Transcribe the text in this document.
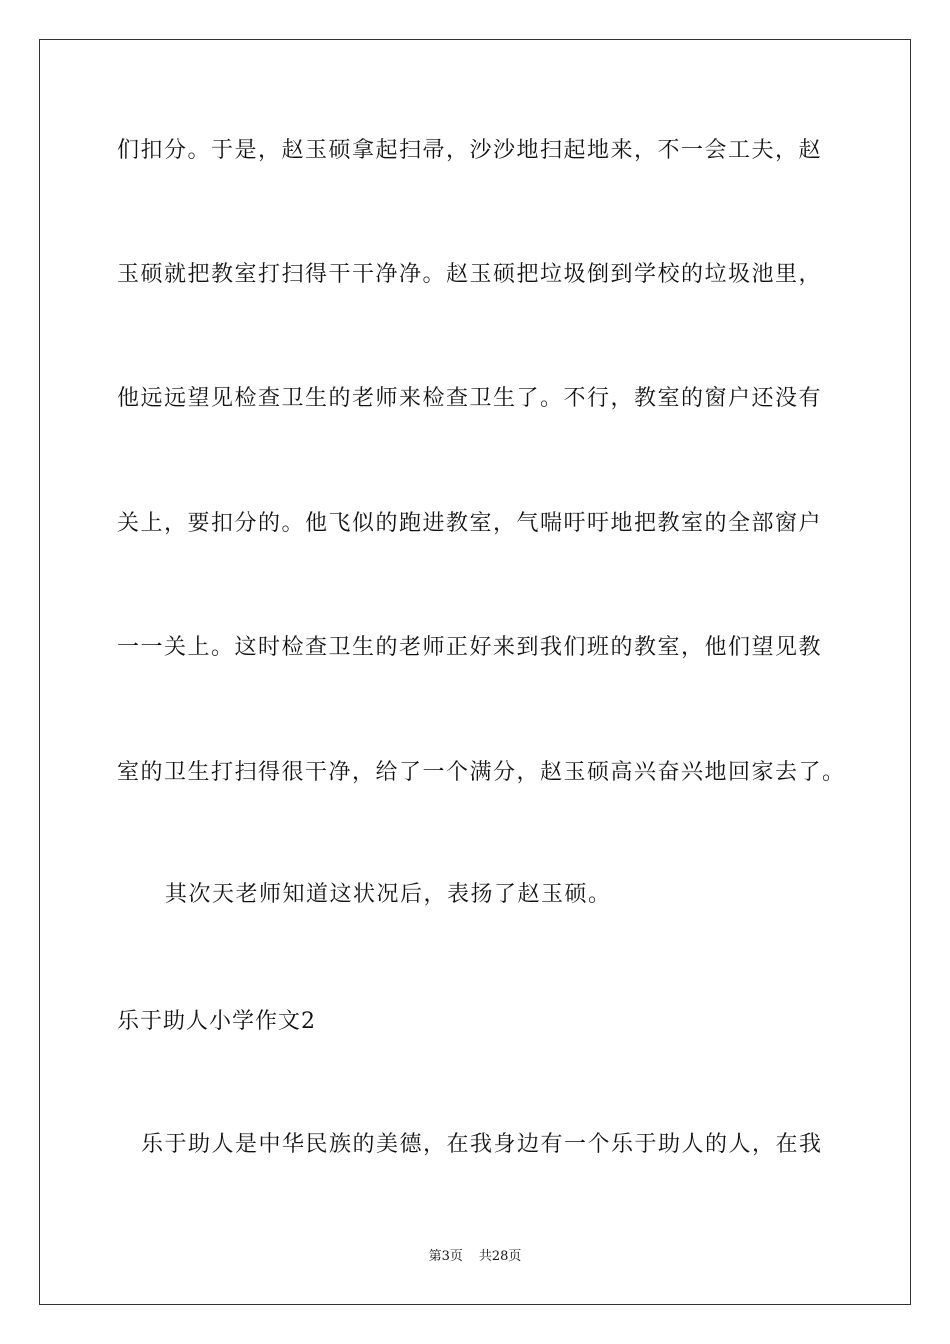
们扣分。于是，赵玉硕拿起扫帚，沙沙地扫起地来，不一会工夫，赵
玉硕就把教室打扫得干干净净。赵玉硕把垃圾倒到学校的垃圾池里，
他远远望见检查卫生的老师来检查卫生了。不行，教室的窗户还没有
关上，要扣分的。他飞似的跑进教室，气喘吁吁地把教室的全部窗户
一一关上。这时检查卫生的老师正好来到我们班的教室，他们望见教
室的卫生打扫得很干净，给了一个满分，赵玉硕高兴奋兴地回家去了。
其次天老师知道这状况后，表扬了赵玉硕。
乐于助人小学作文2
乐于助人是中华民族的美德，在我身边有一个乐于助人的人，在我
第3页 共28页
